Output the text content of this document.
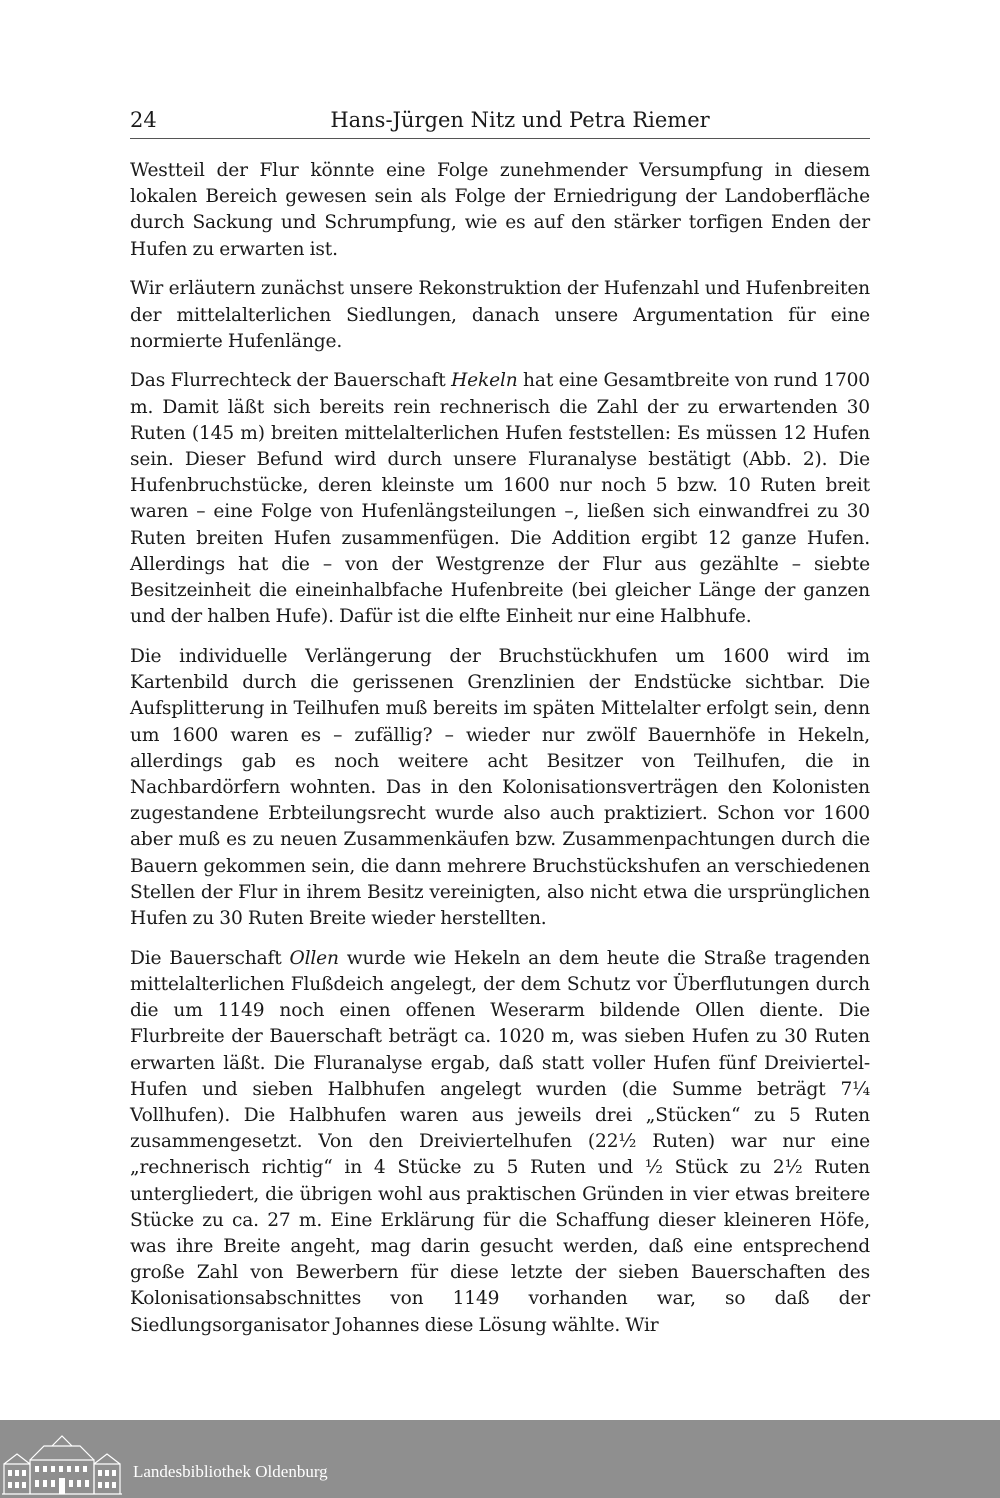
24	Hans-Jürgen Nitz und Petra Riemer

Westteil der Flur könnte eine Folge zunehmender Versumpfung in diesem lokalen Bereich gewesen sein als Folge der Erniedrigung der Landoberfläche durch Sackung und Schrumpfung, wie es auf den stärker torfigen Enden der Hufen zu erwarten ist.

Wir erläutern zunächst unsere Rekonstruktion der Hufenzahl und Hufenbreiten der mittelalterlichen Siedlungen, danach unsere Argumentation für eine normierte Hufenlänge.

Das Flurrechteck der Bauerschaft Hekeln hat eine Gesamtbreite von rund 1700 m. Damit läßt sich bereits rein rechnerisch die Zahl der zu erwartenden 30 Ruten (145 m) breiten mittelalterlichen Hufen feststellen: Es müssen 12 Hufen sein. Dieser Befund wird durch unsere Fluranalyse bestätigt (Abb. 2). Die Hufenbruchstücke, deren kleinste um 1600 nur noch 5 bzw. 10 Ruten breit waren – eine Folge von Hufenlängsteilungen –, ließen sich einwandfrei zu 30 Ruten breiten Hufen zusammenfügen. Die Addition ergibt 12 ganze Hufen. Allerdings hat die – von der Westgrenze der Flur aus gezählte – siebte Besitzeinheit die eineinhalbfache Hufenbreite (bei gleicher Länge der ganzen und der halben Hufe). Dafür ist die elfte Einheit nur eine Halbhufe.

Die individuelle Verlängerung der Bruchstückhufen um 1600 wird im Kartenbild durch die gerissenen Grenzlinien der Endstücke sichtbar. Die Aufsplitterung in Teilhufen muß bereits im späten Mittelalter erfolgt sein, denn um 1600 waren es – zufällig? – wieder nur zwölf Bauernhöfe in Hekeln, allerdings gab es noch weitere acht Besitzer von Teilhufen, die in Nachbardörfern wohnten. Das in den Kolonisationsverträgen den Kolonisten zugestandene Erbteilungsrecht wurde also auch praktiziert. Schon vor 1600 aber muß es zu neuen Zusammenkäufen bzw. Zusammenpachtungen durch die Bauern gekommen sein, die dann mehrere Bruchstückshufen an verschiedenen Stellen der Flur in ihrem Besitz vereinigten, also nicht etwa die ursprünglichen Hufen zu 30 Ruten Breite wieder herstellten.

Die Bauerschaft Ollen wurde wie Hekeln an dem heute die Straße tragenden mittelalterlichen Flußdeich angelegt, der dem Schutz vor Überflutungen durch die um 1149 noch einen offenen Weserarm bildende Ollen diente. Die Flurbreite der Bauerschaft beträgt ca. 1020 m, was sieben Hufen zu 30 Ruten erwarten läßt. Die Fluranalyse ergab, daß statt voller Hufen fünf Dreiviertel-Hufen und sieben Halbhufen angelegt wurden (die Summe beträgt 7¼ Vollhufen). Die Halbhufen waren aus jeweils drei „Stücken“ zu 5 Ruten zusammengesetzt. Von den Dreiviertelhufen (22½ Ruten) war nur eine „rechnerisch richtig“ in 4 Stücke zu 5 Ruten und ½ Stück zu 2½ Ruten untergliedert, die übrigen wohl aus praktischen Gründen in vier etwas breitere Stücke zu ca. 27 m. Eine Erklärung für die Schaffung dieser kleineren Höfe, was ihre Breite angeht, mag darin gesucht werden, daß eine entsprechend große Zahl von Bewerbern für diese letzte der sieben Bauerschaften des Kolonisationsabschnittes von 1149 vorhanden war, so daß der Siedlungsorganisator Johannes diese Lösung wählte. Wir

Landesbibliothek Oldenburg
